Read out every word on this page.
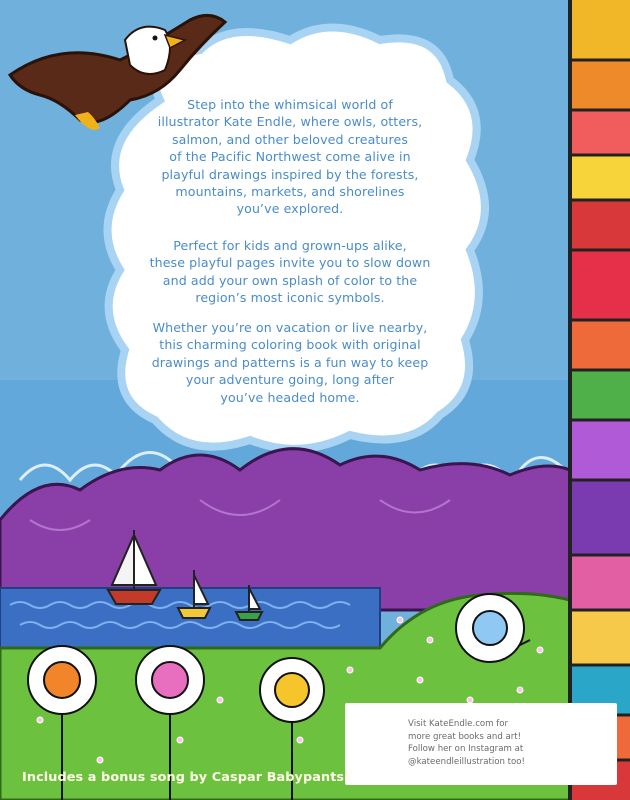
Step into the whimsical world of
illustrator Kate Endle, where owls, otters,
salmon, and other beloved creatures
of the Pacific Northwest come alive in
playful drawings inspired by the forests,
mountains, markets, and shorelines
you’ve explored.

Perfect for kids and grown-ups alike,
these playful pages invite you to slow down
and add your own splash of color to the
region’s most iconic symbols.

Whether you’re on vacation or live nearby,
this charming coloring book with original
drawings and patterns is a fun way to keep
your adventure going, long after
you’ve headed home.

Visit KateEndle.com for
more great books and art!
Follow her on Instagram at
@kateendleillustration too!
Includes a bonus song by Caspar Babypants!
